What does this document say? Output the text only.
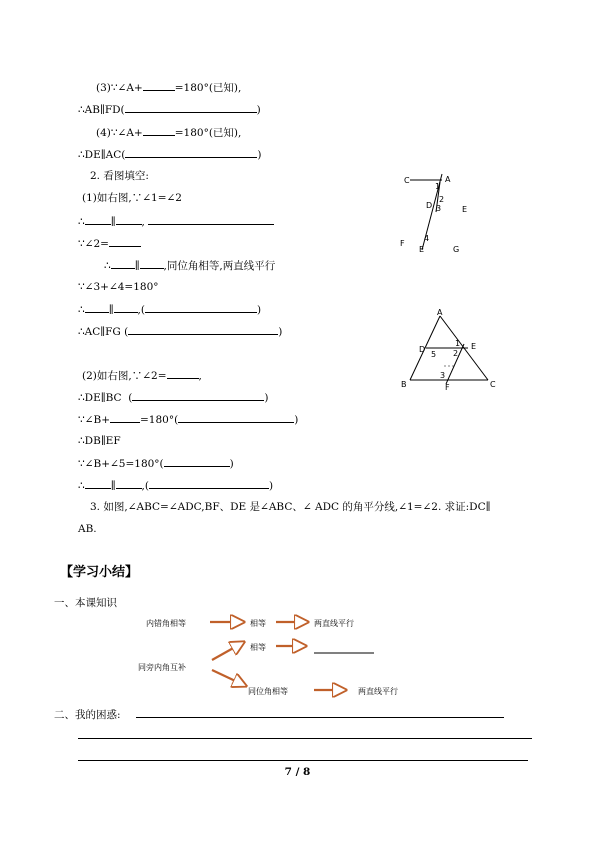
(3)∵∠A+	=180°(已知),
∴AB∥FD(	)
(4)∵∠A+	=180°(已知),
∴DE∥AC(	)
2. 看图填空:
(1)如右图,∵∠1=∠2
∴ ∥ ,
∵∠2=
∴ ∥ ,同位角相等,两直线平行
∵∠3+∠4=180°
∴ ∥ ,(	)
∴AC∥FG (	)
(2)如右图,∵∠2=	,
∴DE∥BC  (	)
∵∠B+	=180°(	)
∴DB∥EF
∵∠B+∠5=180°(	)
∴ ∥ ,(	)
3. 如图,∠ABC=∠ADC,BF、DE 是∠ABC、∠ ADC 的角平分线,∠1=∠2. 求证:DC∥
AB.
C	A
1
2
D 3	E
F
4
E	G
A
D
1 E
5 2
B
3
F	C
【学习小结】
一、本课知识
内错角相等	相等	两直线平行
相等
同旁内角互补
同位角相等	两直线平行
二、我的困惑:
7 / 8
